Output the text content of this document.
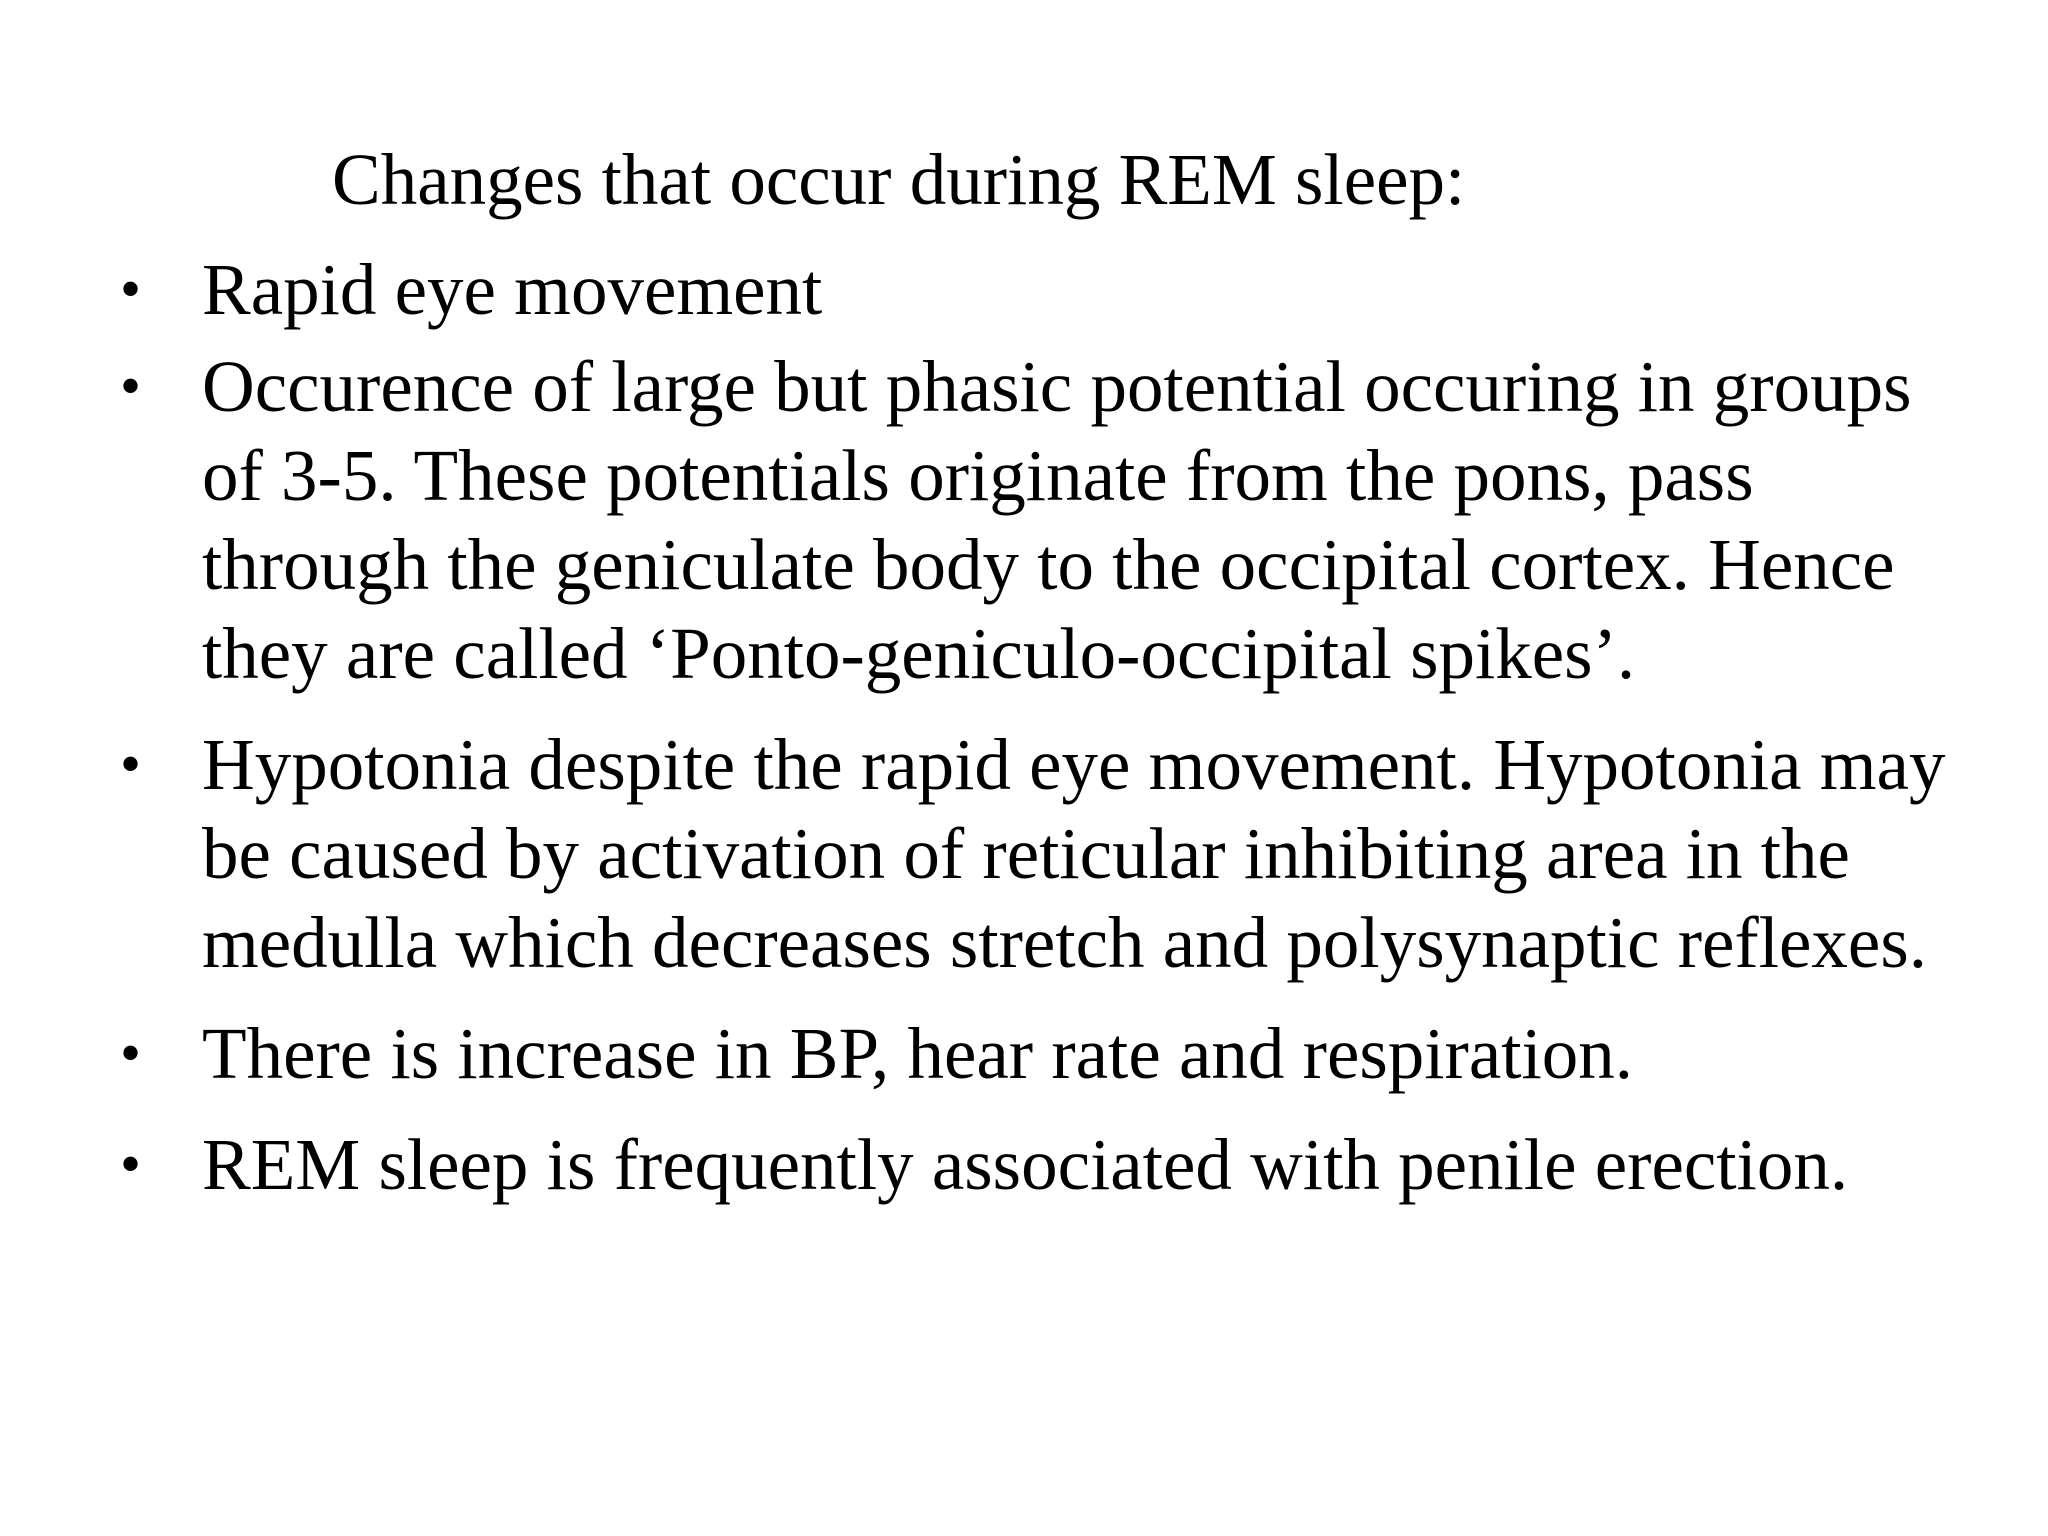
Changes that occur during REM sleep:
• Rapid eye movement
• Occurence of large but phasic potential occuring in groups of 3-5. These potentials originate from the pons, pass through the geniculate body to the occipital cortex. Hence they are called ‘Ponto-geniculo-occipital spikes’.
• Hypotonia despite the rapid eye movement. Hypotonia may be caused by activation of reticular inhibiting area in the medulla which decreases stretch and polysynaptic reflexes.
• There is increase in BP, hear rate and respiration.
• REM sleep is frequently associated with penile erection.
